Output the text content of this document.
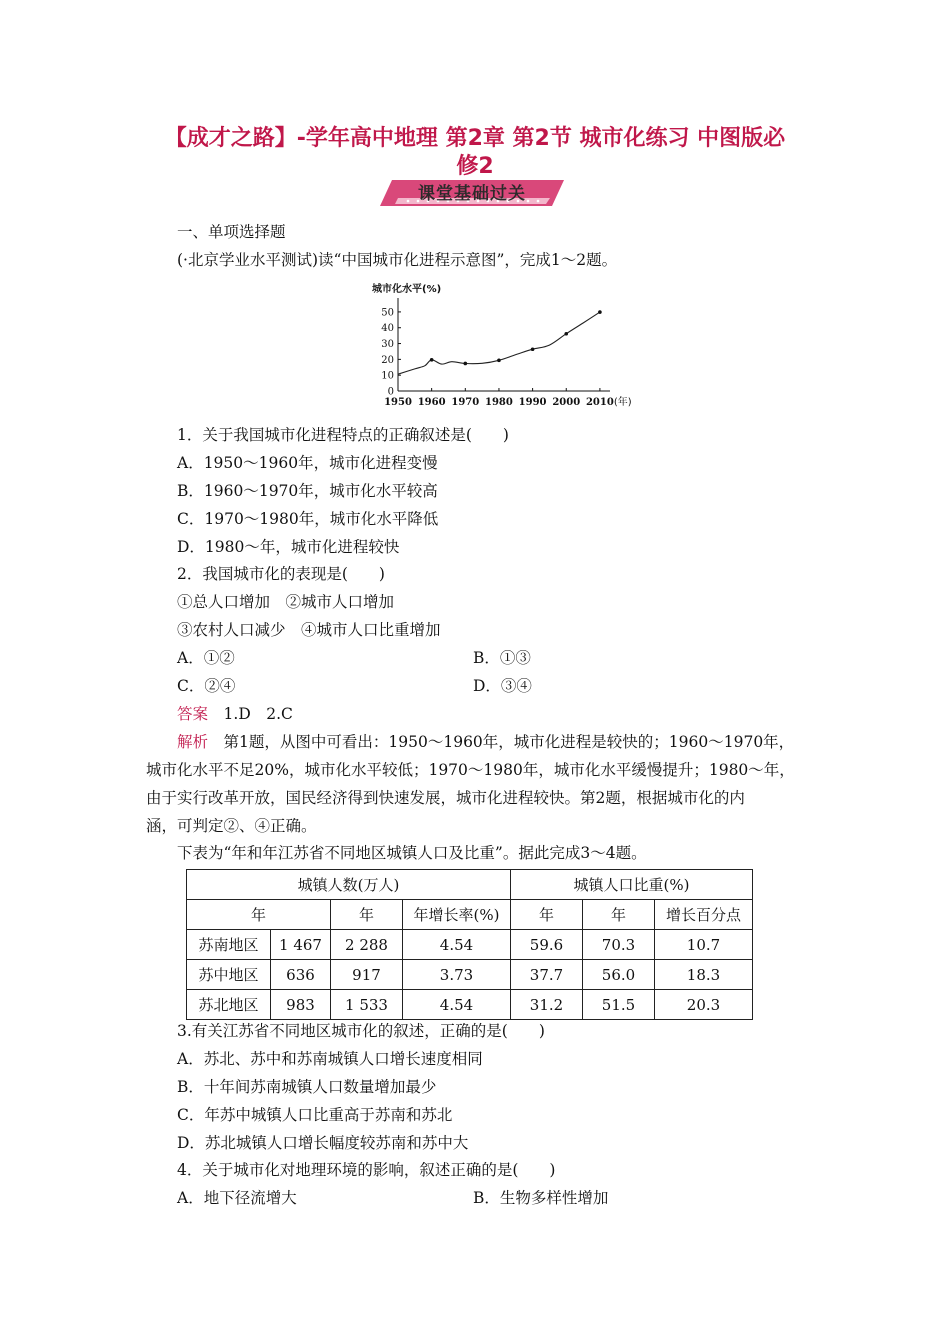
【成才之路】-学年高中地理 第2章 第2节 城市化练习 中图版必
修2
课堂基础过关
一、单项选择题
(·北京学业水平测试)读“中国城市化进程示意图”，完成1～2题。
城市化水平(%)
0
10
20
30
40
50
1950 1960 1970 1980 1990 2000 2010 (年)
1．关于我国城市化进程特点的正确叙述是(　　)
A．1950～1960年，城市化进程变慢
B．1960～1970年，城市化水平较高
C．1970～1980年，城市化水平降低
D．1980～年，城市化进程较快
2．我国城市化的表现是(　　)
①总人口增加　②城市人口增加
③农村人口减少　④城市人口比重增加
A．①②	B．①③
C．②④	D．③④
答案　 1.D　2.C
解析　 第1题，从图中可看出：1950～1960年，城市化进程是较快的；1960～1970年，
城市化水平不足20%，城市化水平较低；1970～1980年，城市化水平缓慢提升；1980～年，
由于实行改革开放，国民经济得到快速发展，城市化进程较快。第2题，根据城市化的内
涵，可判定②、④正确。
下表为“年和年江苏省不同地区城镇人口及比重”。据此完成3～4题。
城镇人数(万人)				城镇人口比重(%)		
年		年	年增长率(%)	年	年	增长百分点
苏南地区	1 467	2 288	4.54	59.6	70.3	10.7
苏中地区	636	917	3.73	37.7	56.0	18.3
苏北地区	983	1 533	4.54	31.2	51.5	20.3
3.有关江苏省不同地区城市化的叙述，正确的是(　　)
A．苏北、苏中和苏南城镇人口增长速度相同
B．十年间苏南城镇人口数量增加最少
C．年苏中城镇人口比重高于苏南和苏北
D．苏北城镇人口增长幅度较苏南和苏中大
4．关于城市化对地理环境的影响，叙述正确的是(　　)
A．地下径流增大	B．生物多样性增加
